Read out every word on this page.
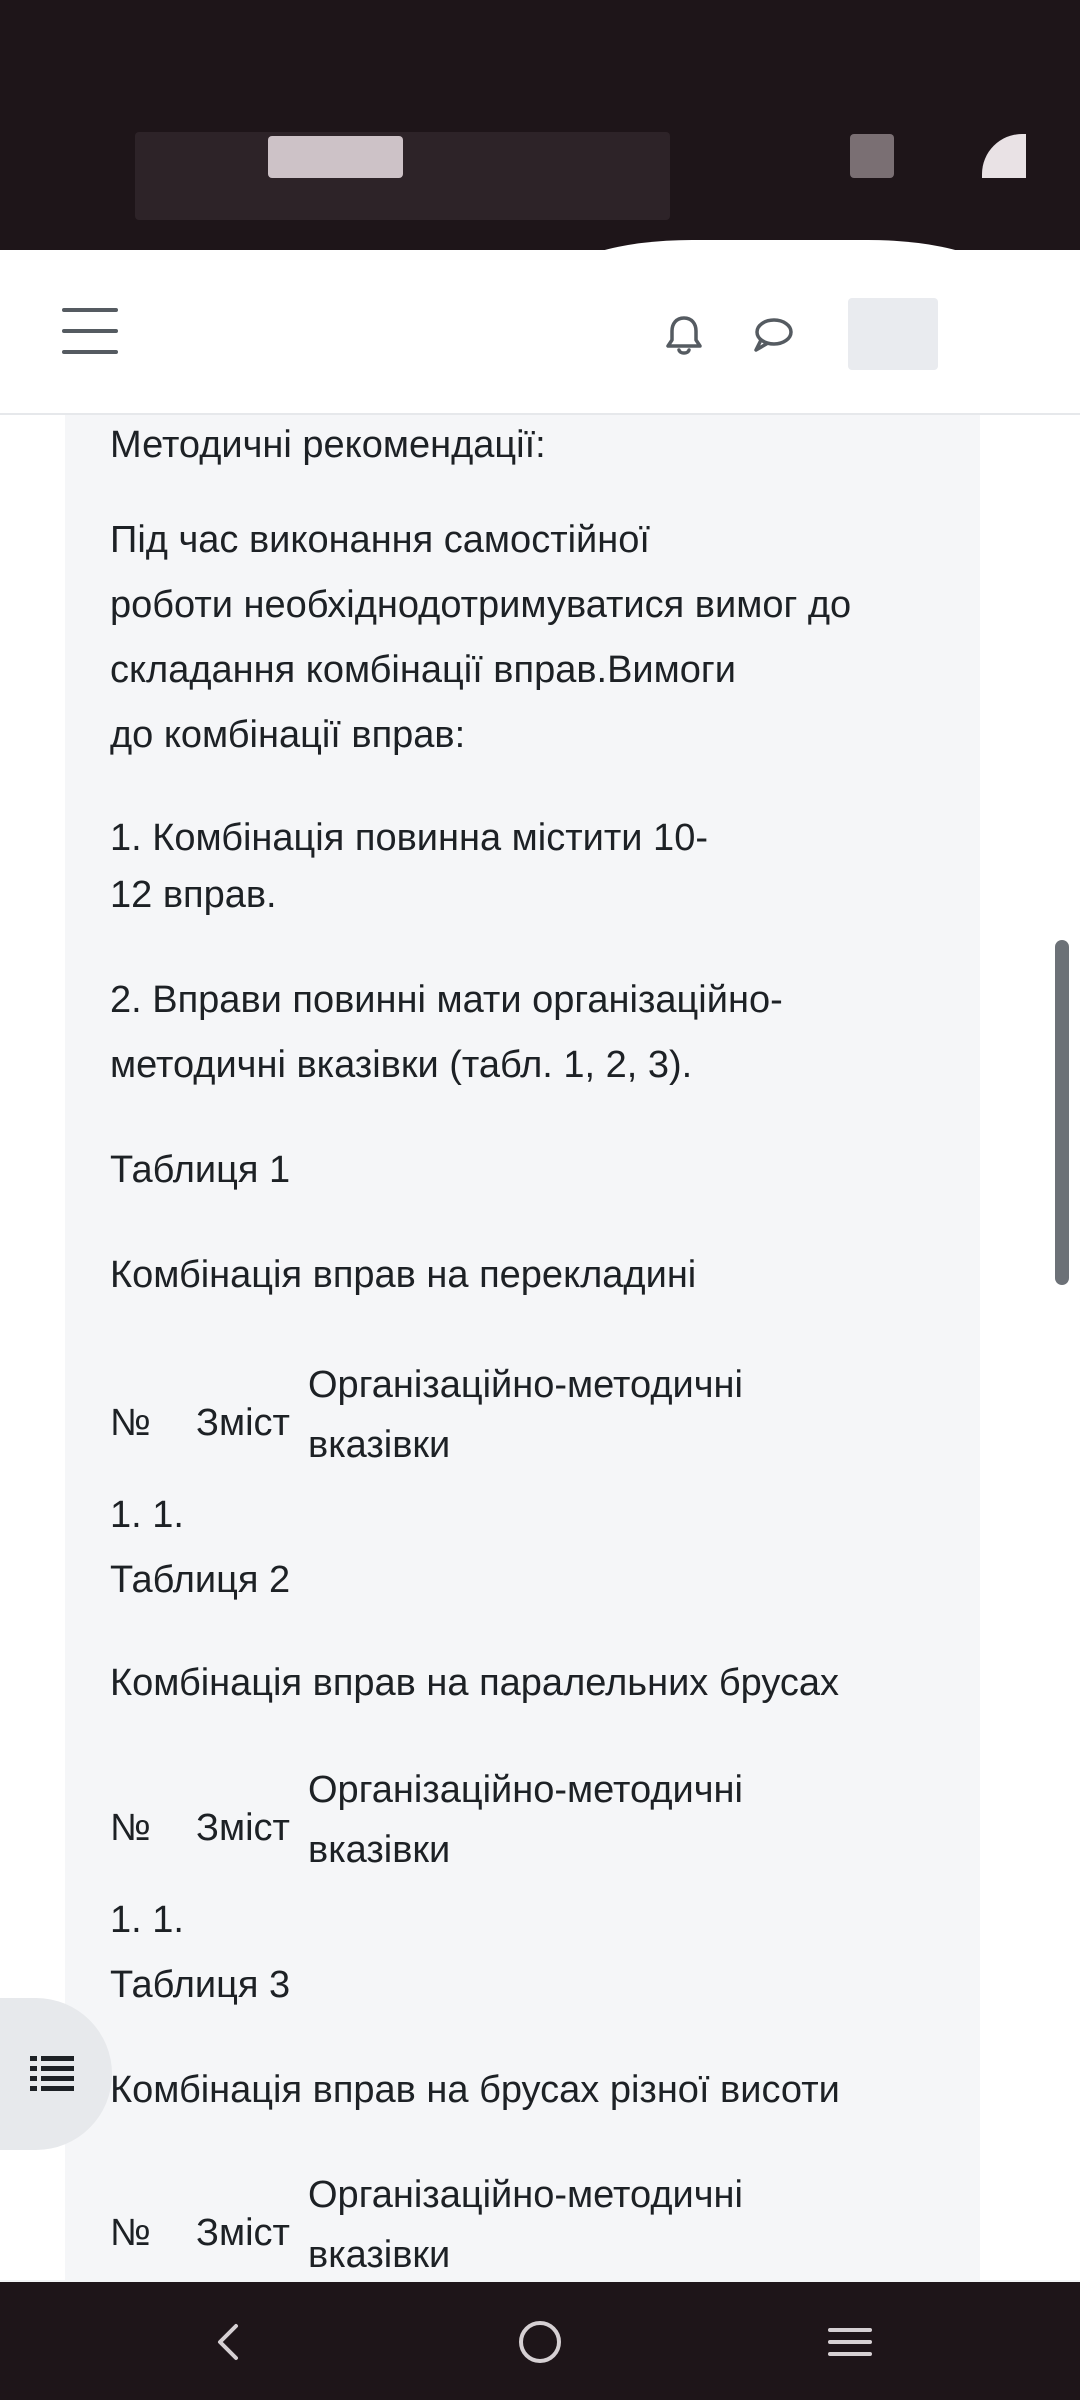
Методичні рекомендації:

Під час виконання самостійної

роботи необхіднодотримуватися вимог до

складання комбінації вправ.Вимоги

до комбінації вправ:

1. Комбінація повинна містити 10-

12 вправ.

2. Вправи повинні мати організаційно-

методичні вказівки (табл. 1, 2, 3).

Таблиця 1

Комбінація вправ на перекладині

№ Зміст
Організаційно-методичні
вказівки

1. 1.

Таблиця 2

Комбінація вправ на паралельних брусах

№ Зміст
Організаційно-методичні
вказівки

1. 1.

Таблиця 3

Комбінація вправ на брусах різної висоти

№ Зміст
Організаційно-методичні
вказівки
